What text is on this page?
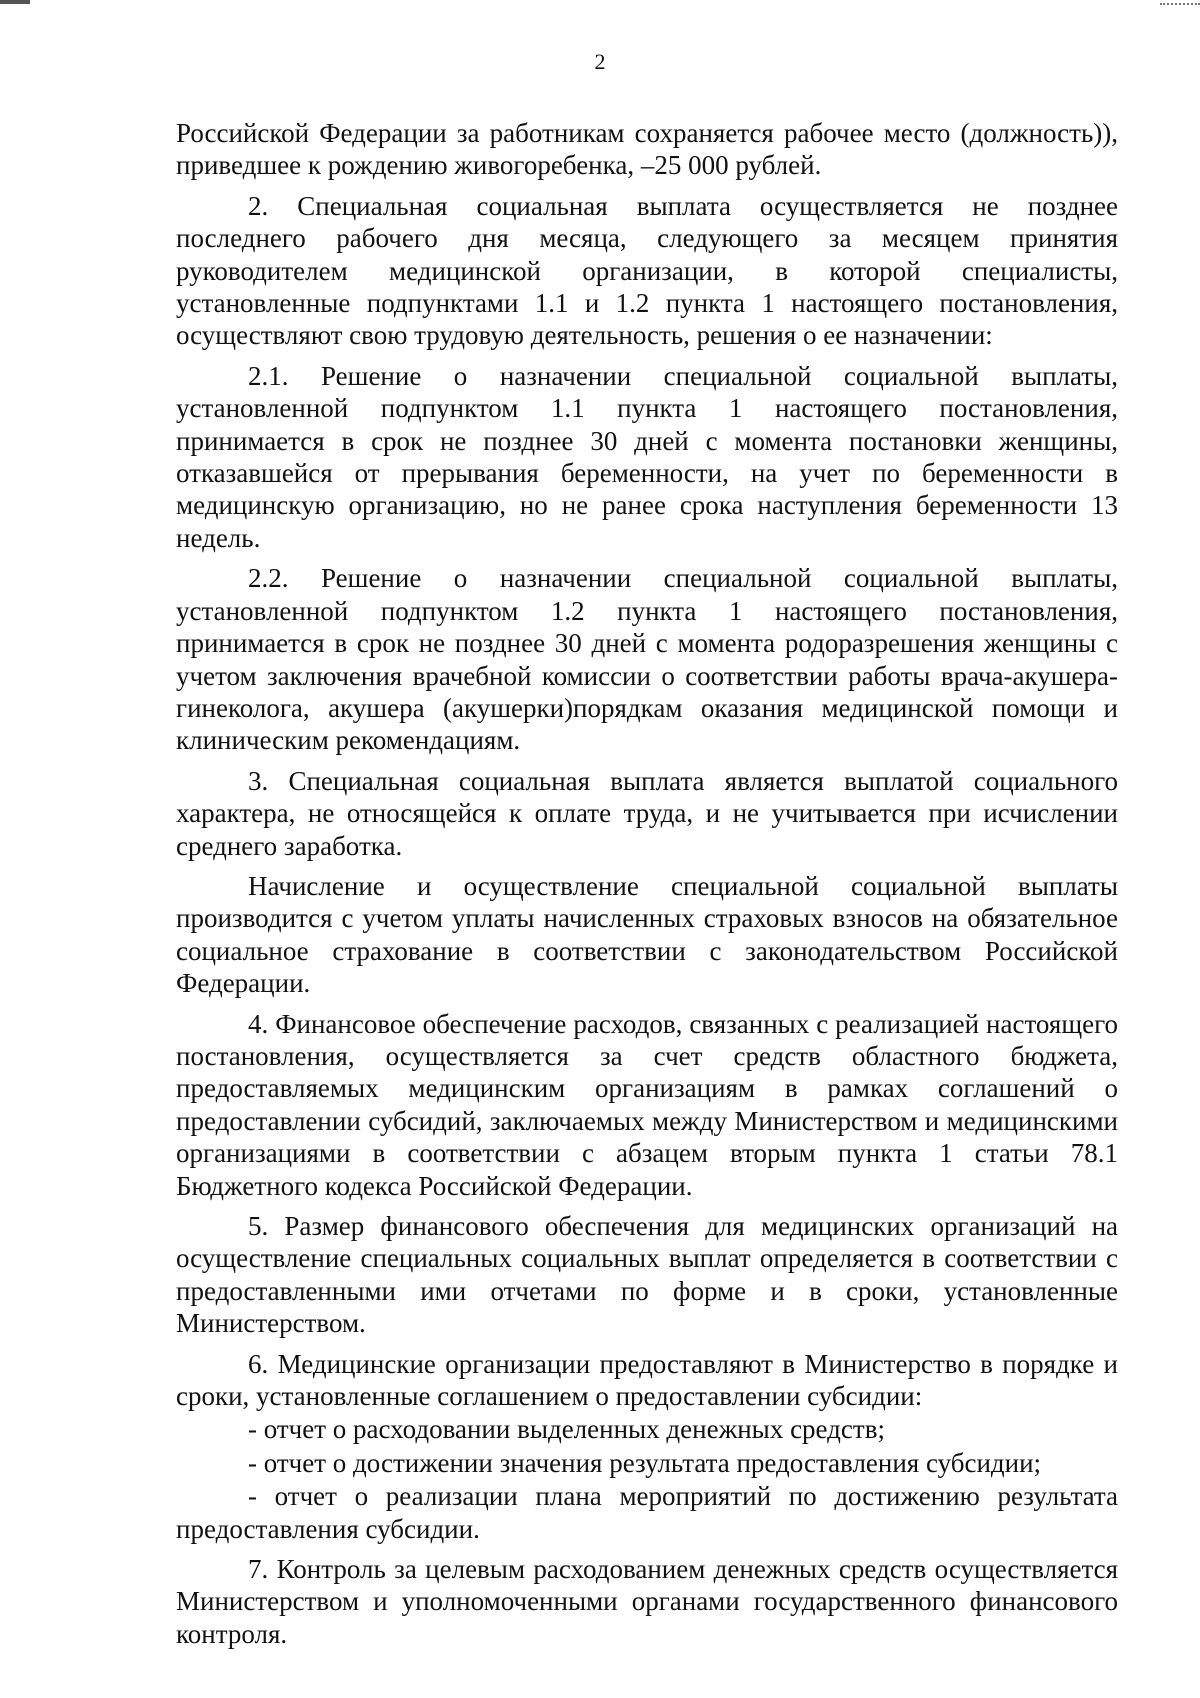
2

Российской Федерации за работникам сохраняется рабочее место (должность)), приведшее к рождению живогоребенка, –25 000 рублей.

2. Специальная социальная выплата осуществляется не позднее последнего рабочего дня месяца, следующего за месяцем принятия руководителем медицинской организации, в которой специалисты, установленные подпунктами 1.1 и 1.2 пункта 1 настоящего постановления, осуществляют свою трудовую деятельность, решения о ее назначении:

2.1. Решение о назначении специальной социальной выплаты, установленной подпунктом 1.1 пункта 1 настоящего постановления, принимается в срок не позднее 30 дней с момента постановки женщины, отказавшейся от прерывания беременности, на учет по беременности в медицинскую организацию, но не ранее срока наступления беременности 13 недель.

2.2. Решение о назначении специальной социальной выплаты, установленной подпунктом 1.2 пункта 1 настоящего постановления, принимается в срок не позднее 30 дней с момента родоразрешения женщины с учетом заключения врачебной комиссии о соответствии работы врача-акушера-гинеколога, акушера (акушерки)порядкам оказания медицинской помощи и клиническим рекомендациям.

3. Специальная социальная выплата является выплатой социального характера, не относящейся к оплате труда, и не учитывается при исчислении среднего заработка.

Начисление и осуществление специальной социальной выплаты производится с учетом уплаты начисленных страховых взносов на обязательное социальное страхование в соответствии с законодательством Российской Федерации.

4. Финансовое обеспечение расходов, связанных с реализацией настоящего постановления, осуществляется за счет средств областного бюджета, предоставляемых медицинским организациям в рамках соглашений о предоставлении субсидий, заключаемых между Министерством и медицинскими организациями в соответствии с абзацем вторым пункта 1 статьи 78.1 Бюджетного кодекса Российской Федерации.

5. Размер финансового обеспечения для медицинских организаций на осуществление специальных социальных выплат определяется в соответствии с предоставленными ими отчетами по форме и в сроки, установленные Министерством.

6. Медицинские организации предоставляют в Министерство в порядке и сроки, установленные соглашением о предоставлении субсидии:

- отчет о расходовании выделенных денежных средств;

- отчет о достижении значения результата предоставления субсидии;

- отчет о реализации плана мероприятий по достижению результата предоставления субсидии.

7. Контроль за целевым расходованием денежных средств осуществляется Министерством и уполномоченными органами государственного финансового контроля.
